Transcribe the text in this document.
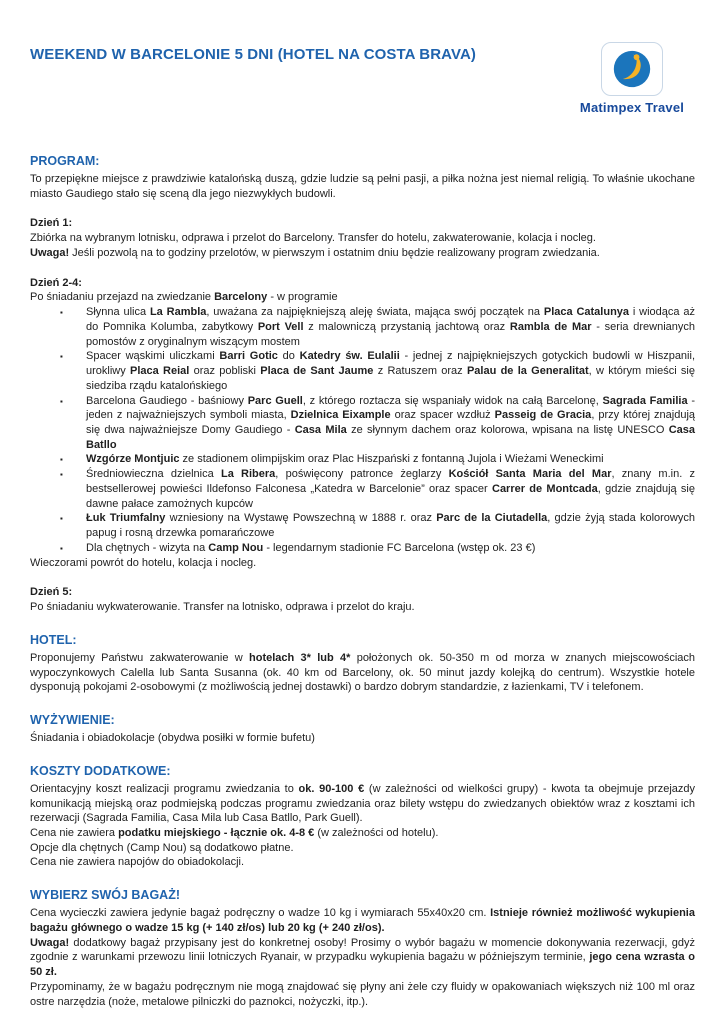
WEEKEND W BARCELONIE 5 DNI (HOTEL NA COSTA BRAVA)
Matimpex Travel
PROGRAM:

To przepiękne miejsce z prawdziwie katalońską duszą, gdzie ludzie są pełni pasji, a piłka nożna jest niemal religią. To właśnie ukochane miasto Gaudiego stało się sceną dla jego niezwykłych budowli.

Dzień 1:

Zbiórka na wybranym lotnisku, odprawa i przelot do Barcelony. Transfer do hotelu, zakwaterowanie, kolacja i nocleg.

Uwaga! Jeśli pozwolą na to godziny przelotów, w pierwszym i ostatnim dniu będzie realizowany program zwiedzania.

Dzień 2-4:

Po śniadaniu przejazd na zwiedzanie Barcelony - w programie

▪ Słynna ulica La Rambla, uważana za najpiękniejszą aleję świata, mająca swój początek na Placa Catalunya i wiodąca aż do Pomnika Kolumba, zabytkowy Port Vell z malowniczą przystanią jachtową oraz Rambla de Mar - seria drewnianych pomostów z oryginalnym wiszącym mostem
▪ Spacer wąskimi uliczkami Barri Gotic do Katedry św. Eulalii - jednej z najpiękniejszych gotyckich budowli w Hiszpanii, urokliwy Placa Reial oraz pobliski Placa de Sant Jaume z Ratuszem oraz Palau de la Generalitat, w którym mieści się siedziba rządu katalońskiego
▪ Barcelona Gaudiego - baśniowy Parc Guell, z którego roztacza się wspaniały widok na całą Barcelonę, Sagrada Familia - jeden z najważniejszych symboli miasta, Dzielnica Eixample oraz spacer wzdłuż Passeig de Gracia, przy której znajdują się dwa najważniejsze Domy Gaudiego - Casa Mila ze słynnym dachem oraz kolorowa, wpisana na listę UNESCO Casa Batllo
▪ Wzgórze Montjuic ze stadionem olimpijskim oraz Plac Hiszpański z fontanną Jujola i Wieżami Weneckimi
▪ Średniowieczna dzielnica La Ribera, poświęcony patronce żeglarzy Kościół Santa Maria del Mar, znany m.in. z bestsellerowej powieści Ildefonso Falconesa „Katedra w Barcelonie” oraz spacer Carrer de Montcada, gdzie znajdują się dawne pałace zamożnych kupców
▪ Łuk Triumfalny wzniesiony na Wystawę Powszechną w 1888 r. oraz Parc de la Ciutadella, gdzie żyją stada kolorowych papug i rosną drzewka pomarańczowe
▪ Dla chętnych - wizyta na Camp Nou - legendarnym stadionie FC Barcelona (wstęp ok. 23 €)

Wieczorami powrót do hotelu, kolacja i nocleg.

Dzień 5:

Po śniadaniu wykwaterowanie. Transfer na lotnisko, odprawa i przelot do kraju.

HOTEL:

Proponujemy Państwu zakwaterowanie w hotelach 3* lub 4* położonych ok. 50-350 m od morza w znanych miejscowościach wypoczynkowych Calella lub Santa Susanna (ok. 40 km od Barcelony, ok. 50 minut jazdy kolejką do centrum). Wszystkie hotele dysponują pokojami 2-osobowymi (z możliwością jednej dostawki) o bardzo dobrym standardzie, z łazienkami, TV i telefonem.

WYŻYWIENIE:

Śniadania i obiadokolacje (obydwa posiłki w formie bufetu)

KOSZTY DODATKOWE:

Orientacyjny koszt realizacji programu zwiedzania to ok. 90-100 € (w zależności od wielkości grupy) - kwota ta obejmuje przejazdy komunikacją miejską oraz podmiejską podczas programu zwiedzania oraz bilety wstępu do zwiedzanych obiektów wraz z kosztami ich rezerwacji (Sagrada Familia, Casa Mila lub Casa Batllo, Park Guell).

Cena nie zawiera podatku miejskiego - łącznie ok. 4-8 € (w zależności od hotelu).

Opcje dla chętnych (Camp Nou) są dodatkowo płatne.

Cena nie zawiera napojów do obiadokolacji.

WYBIERZ SWÓJ BAGAŻ!

Cena wycieczki zawiera jedynie bagaż podręczny o wadze 10 kg i wymiarach 55x40x20 cm. Istnieje również możliwość wykupienia bagażu głównego o wadze 15 kg (+ 140 zł/os) lub 20 kg (+ 240 zł/os).

Uwaga! dodatkowy bagaż przypisany jest do konkretnej osoby! Prosimy o wybór bagażu w momencie dokonywania rezerwacji, gdyż zgodnie z warunkami przewozu linii lotniczych Ryanair, w przypadku wykupienia bagażu w późniejszym terminie, jego cena wzrasta o 50 zł.

Przypominamy, że w bagażu podręcznym nie mogą znajdować się płyny ani żele czy fluidy w opakowaniach większych niż 100 ml oraz ostre narzędzia (noże, metalowe pilniczki do paznokci, nożyczki, itp.).
